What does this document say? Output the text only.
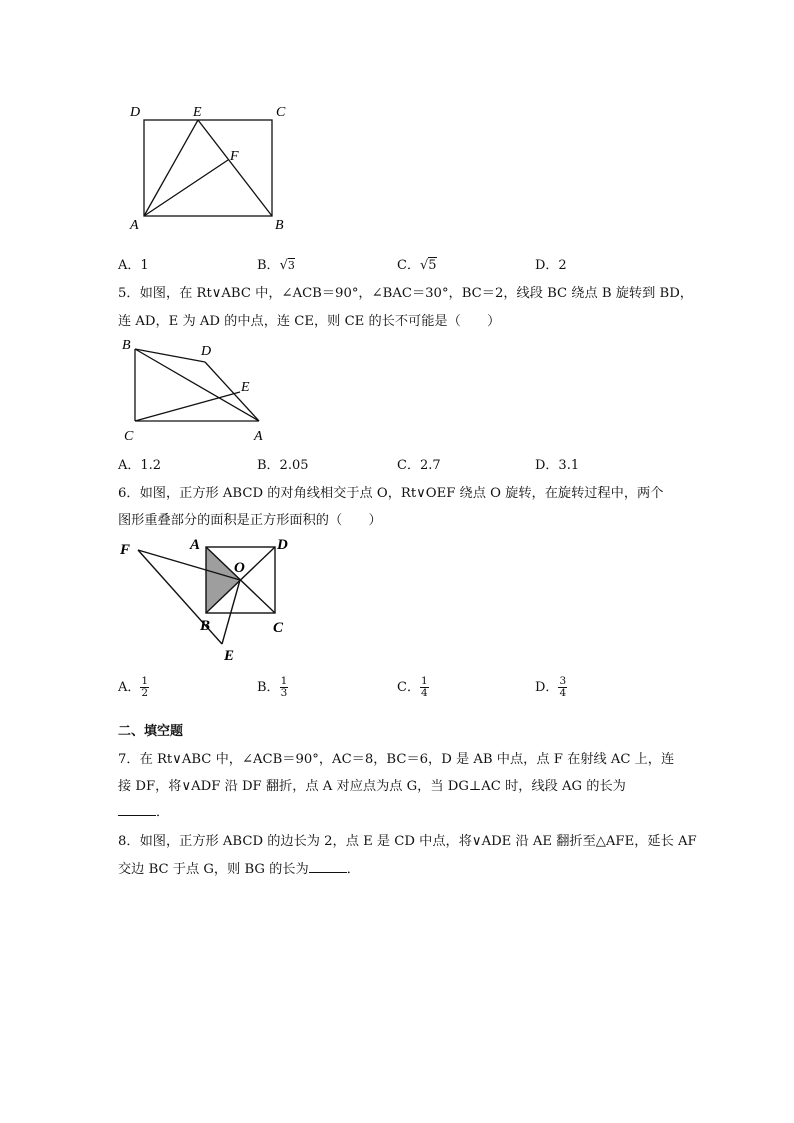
D	E	C
F
A	B
A．1	B．√3	C．√5	D．2
5．如图，在 Rt∨ABC 中，∠ACB＝90°，∠BAC＝30°，BC＝2，线段 BC 绕点 B 旋转到 BD，
连 AD，E 为 AD 的中点，连 CE，则 CE 的长不可能是（　　）
B	D
E
C	A
A．1.2	B．2.05	C．2.7	D．3.1
6．如图，正方形 ABCD 的对角线相交于点 O，Rt∨OEF 绕点 O 旋转，在旋转过程中，两个
图形重叠部分的面积是正方形面积的（　　）
F	A	D
O
B	C
E
A． $\frac{1}{2}$	B． $\frac{1}{3}$	C． $\frac{1}{4}$	D． $\frac{3}{4}$
二、填空题
7．在 Rt∨ABC 中，∠ACB＝90°，AC＝8，BC＝6，D 是 AB 中点，点 F 在射线 AC 上，连
接 DF，将∨ADF 沿 DF 翻折，点 A 对应点为点 G，当 DG⊥AC 时，线段 AG 的长为
．
8．如图，正方形 ABCD 的边长为 2，点 E 是 CD 中点，将∨ADE 沿 AE 翻折至△AFE，延长 AF
交边 BC 于点 G，则 BG 的长为	．
